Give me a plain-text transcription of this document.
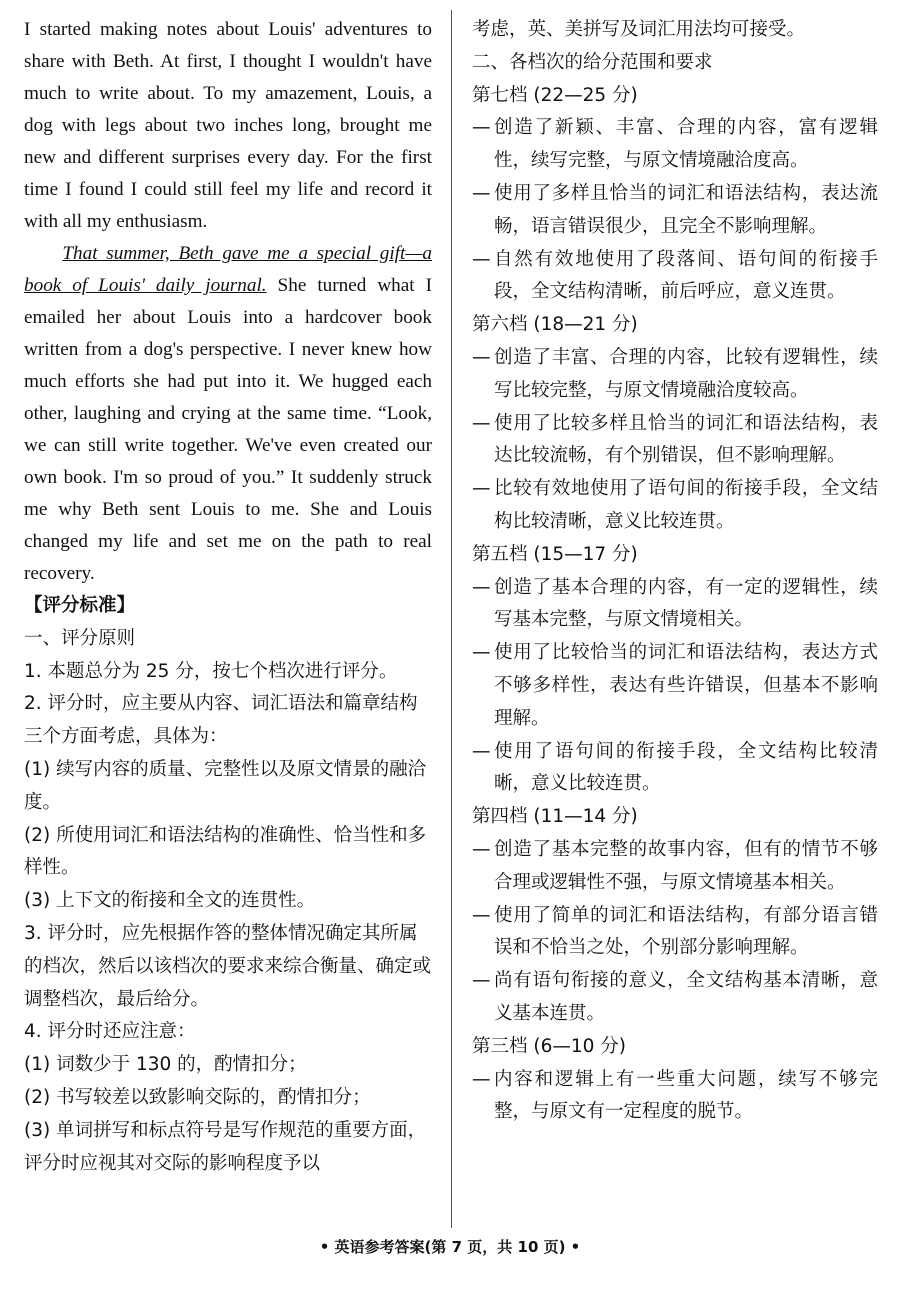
I started making notes about Louis' adventures to share with Beth. At first, I thought I wouldn't have much to write about. To my amazement, Louis, a dog with legs about two inches long, brought me new and different surprises every day. For the first time I found I could still feel my life and record it with all my enthusiasm.

That summer, Beth gave me a special gift—a book of Louis' daily journal. She turned what I emailed her about Louis into a hardcover book written from a dog's perspective. I never knew how much efforts she had put into it. We hugged each other, laughing and crying at the same time. “Look, we can still write together. We've even created our own book. I'm so proud of you.” It suddenly struck me why Beth sent Louis to me. She and Louis changed my life and set me on the path to real recovery.

【评分标准】

一、评分原则

1. 本题总分为 25 分，按七个档次进行评分。

2. 评分时，应主要从内容、词汇语法和篇章结构三个方面考虑，具体为：

(1) 续写内容的质量、完整性以及原文情景的融洽度。

(2) 所使用词汇和语法结构的准确性、恰当性和多样性。

(3) 上下文的衔接和全文的连贯性。

3. 评分时，应先根据作答的整体情况确定其所属的档次，然后以该档次的要求来综合衡量、确定或调整档次，最后给分。

4. 评分时还应注意：

(1) 词数少于 130 的，酌情扣分；

(2) 书写较差以致影响交际的，酌情扣分；

(3) 单词拼写和标点符号是写作规范的重要方面，评分时应视其对交际的影响程度予以

考虑，英、美拼写及词汇用法均可接受。

二、各档次的给分范围和要求

第七档 (22—25 分)

—
创造了新颖、丰富、合理的内容，富有逻辑性，续写完整，与原文情境融洽度高。
—
使用了多样且恰当的词汇和语法结构，表达流畅，语言错误很少，且完全不影响理解。
—
自然有效地使用了段落间、语句间的衔接手段，全文结构清晰，前后呼应，意义连贯。

第六档 (18—21 分)

—
创造了丰富、合理的内容，比较有逻辑性，续写比较完整，与原文情境融洽度较高。
—
使用了比较多样且恰当的词汇和语法结构，表达比较流畅，有个别错误，但不影响理解。
—
比较有效地使用了语句间的衔接手段，全文结构比较清晰，意义比较连贯。

第五档 (15—17 分)

—
创造了基本合理的内容，有一定的逻辑性，续写基本完整，与原文情境相关。
—
使用了比较恰当的词汇和语法结构，表达方式不够多样性，表达有些许错误，但基本不影响理解。
—
使用了语句间的衔接手段，全文结构比较清晰，意义比较连贯。

第四档 (11—14 分)

—
创造了基本完整的故事内容，但有的情节不够合理或逻辑性不强，与原文情境基本相关。
—
使用了简单的词汇和语法结构，有部分语言错误和不恰当之处，个别部分影响理解。
—
尚有语句衔接的意义，全文结构基本清晰，意义基本连贯。

第三档 (6—10 分)

—
内容和逻辑上有一些重大问题，续写不够完整，与原文有一定程度的脱节。
• 英语参考答案(第 7 页，共 10 页) •
